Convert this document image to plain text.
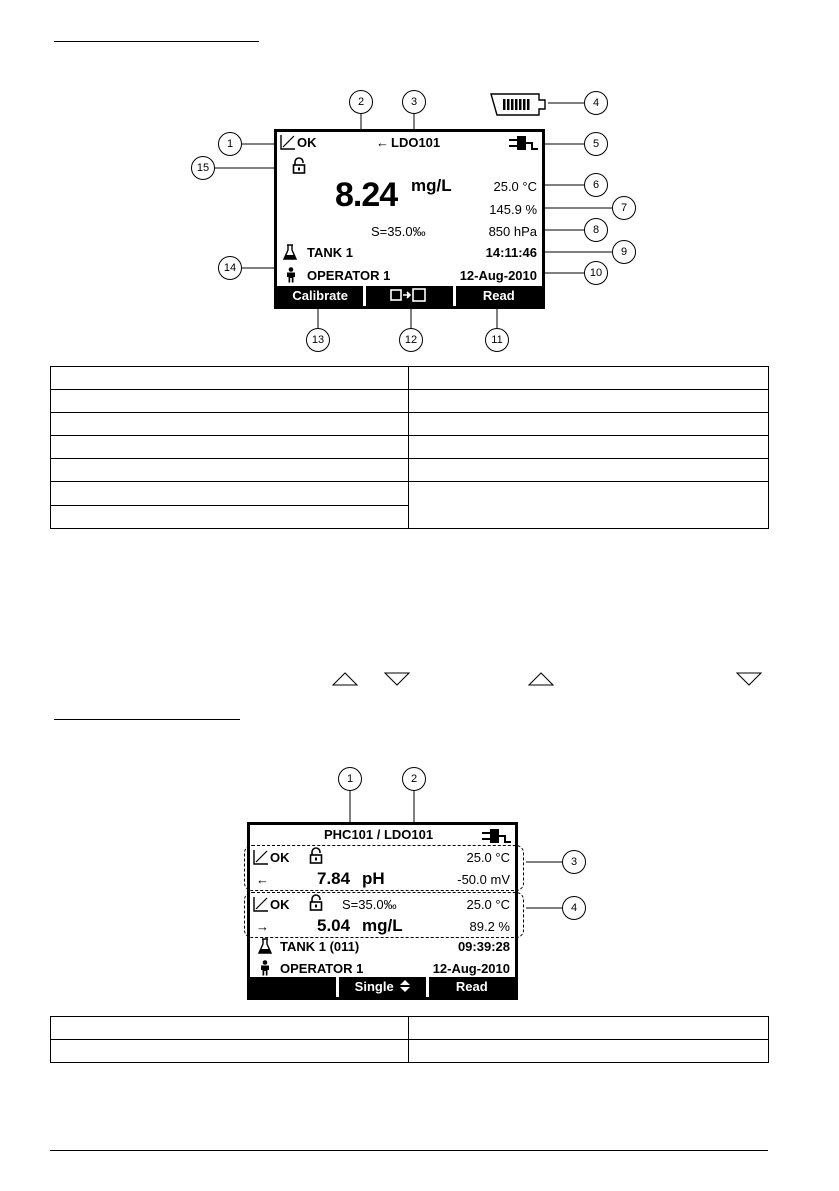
OK	← LDO101
8.24 mg/L	25.0 °C
145.9 %
S=35.0‰	850 hPa
TANK 1	14:11:46
OPERATOR 1	12-Aug-2010
Calibrate	Read
1
2	3	4
5
6
7
8
9
10
11
12
13
14
15

PHC101 / LDO101
OK	25.0 °C
←	7.84 pH	-50.0 mV
OK	S=35.0‰	25.0 °C
→	5.04 mg/L	89.2 %
TANK 1 (011)	09:39:28
OPERATOR 1	12-Aug-2010
Single	Read
1	2
3
4
